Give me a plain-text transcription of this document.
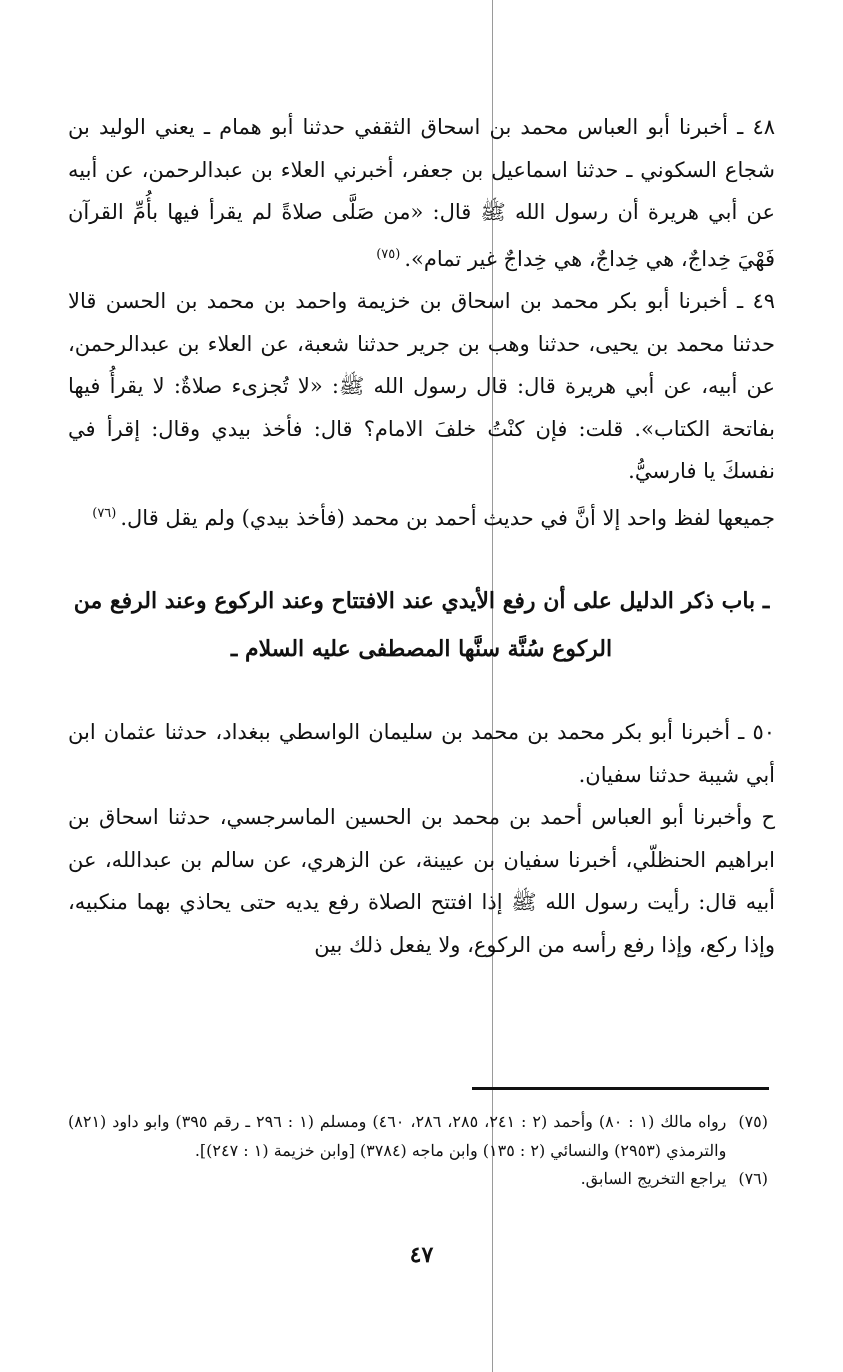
٤٨ ـ أخبرنا أبو العباس محمد بن اسحاق الثقفي حدثنا أبو همام ـ يعني الوليد بن شجاع السكوني ـ حدثنا اسماعيل بن جعفر، أخبرني العلاء بن عبدالرحمن، عن أبيه عن أبي هريرة أن رسول الله ﷺ قال: «من صَلَّى صلاةً لم يقرأ فيها بأُمِّ القرآن فَهْيَ خِداجٌ، هي خِداجٌ، هي خِداجٌ غير تمام».$^{(٧٥)}$

٤٩ ـ أخبرنا أبو بكر محمد بن اسحاق بن خزيمة واحمد بن محمد بن الحسن قالا حدثنا محمد بن يحيى، حدثنا وهب بن جرير حدثنا شعبة، عن العلاء بن عبدالرحمن، عن أبيه، عن أبي هريرة قال: قال رسول الله ﷺ: «لا تُجزىء صلاةٌ: لا يقرأُ فيها بفاتحة الكتاب». قلت: فإن كنْتُ خلفَ الامام؟ قال: فأخذ بيدي وقال: إقرأ في نفسكَ يا فارسيُّ.

جميعها لفظ واحد إلا أنَّ في حديث أحمد بن محمد (فأخذ بيدي) ولم يقل قال.$^{(٧٦)}$

ـ باب ذكر الدليل على أن رفع الأيدي عند الافتتاح وعند الركوع وعند الرفع من الركوع سُنَّة سنَّها المصطفى عليه السلام ـ

٥٠ ـ أخبرنا أبو بكر محمد بن محمد بن سليمان الواسطي ببغداد، حدثنا عثمان ابن أبي شيبة حدثنا سفيان.

ح وأخبرنا أبو العباس أحمد بن محمد بن الحسين الماسرجسي، حدثنا اسحاق بن ابراهيم الحنظلّي، أخبرنا سفيان بن عيينة، عن الزهري، عن سالم بن عبدالله، عن أبيه قال: رأيت رسول الله ﷺ إذا افتتح الصلاة رفع يديه حتى يحاذي بهما منكبيه، وإذا ركع، وإذا رفع رأسه من الركوع، ولا يفعل ذلك بين

(٧٥)
رواه مالك (١ : ٨٠) وأحمد (٢ : ٢٤١، ٢٨٥، ٢٨٦، ٤٦٠) ومسلم (١ : ٢٩٦ ـ رقم ٣٩٥) وابو داود (٨٢١) والترمذي (٢٩٥٣) والنسائي (٢ : ١٣٥) وابن ماجه (٣٧٨٤) [وابن خزيمة (١ : ٢٤٧)].
(٧٦)
يراجع التخريج السابق.
٤٧
